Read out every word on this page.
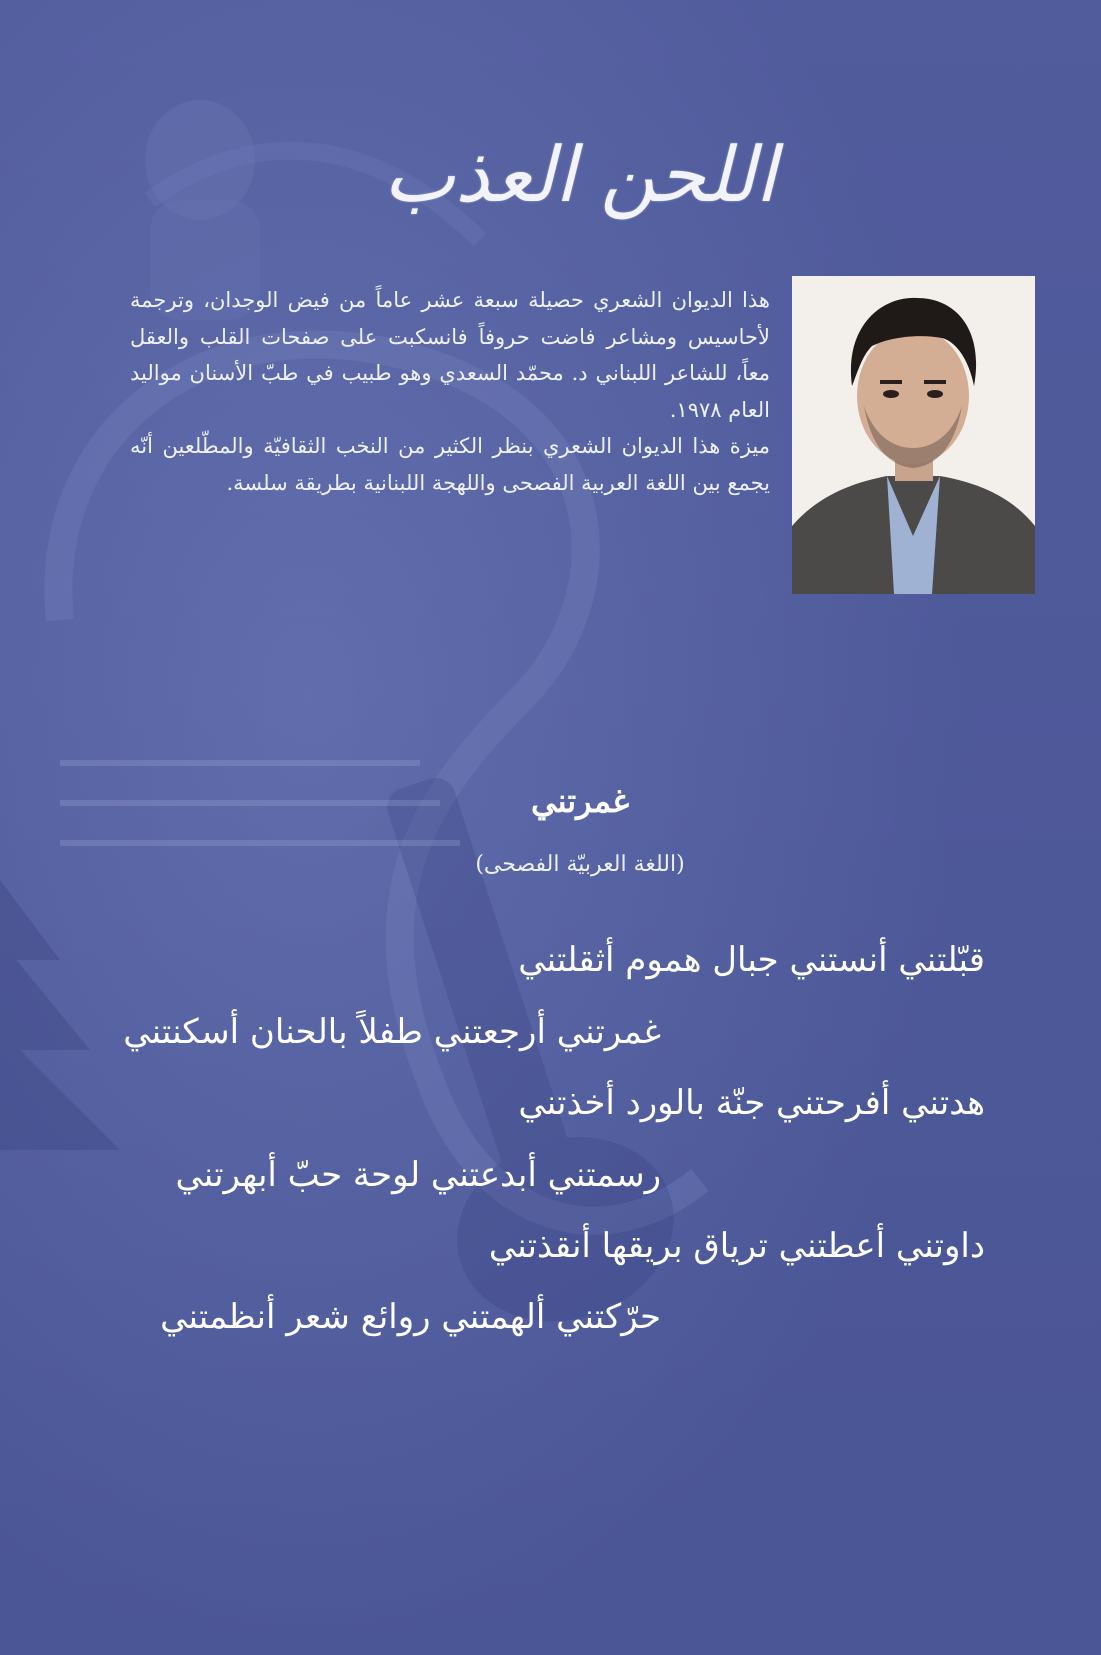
اللحن العذب

هذا الديوان الشعري حصيلة سبعة عشر عاماً من فيض الوجدان، وترجمة لأحاسيس ومشاعر فاضت حروفاً فانسكبت على صفحات القلب والعقل معاً، للشاعر اللبناني د. محمّد السعدي وهو طبيب في طبّ الأسنان مواليد العام ١٩٧٨.

ميزة هذا الديوان الشعري بنظر الكثير من النخب الثقافيّة والمطّلعين أنّه يجمع بين اللغة العربية الفصحى واللهجة اللبنانية بطريقة سلسة.

غمرتني
(اللغة العربيّة الفصحى)
قبّلتني أنستني جبال هموم أثقلتني
غمرتني أرجعتني طفلاً بالحنان أسكنتني
هدتني أفرحتني جنّة بالورد أخذتني
رسمتني أبدعتني لوحة حبّ أبهرتني
داوتني أعطتني ترياق بريقها أنقذتني
حرّكتني ألهمتني روائع شعر أنظمتني
